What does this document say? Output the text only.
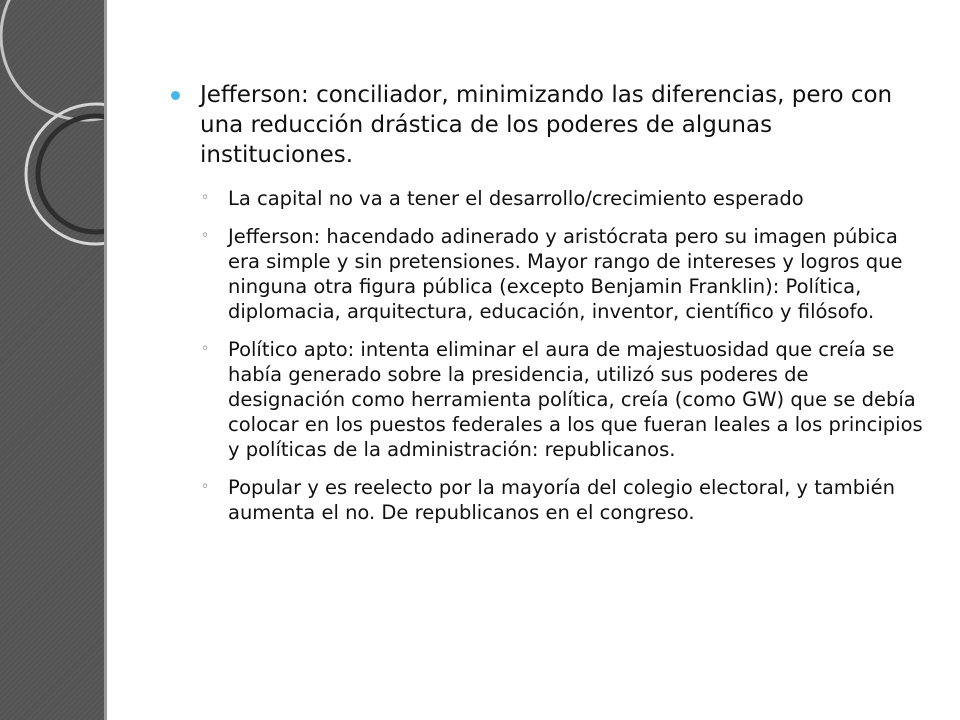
Jefferson: conciliador, minimizando las diferencias, pero con una reducción drástica de los poderes de algunas instituciones.
◦ La capital no va a tener el desarrollo/crecimiento esperado
◦ Jefferson: hacendado adinerado y aristócrata pero su imagen púbica era simple y sin pretensiones. Mayor rango de intereses y logros que ninguna otra figura pública (excepto Benjamin Franklin): Política, diplomacia, arquitectura, educación, inventor, científico y filósofo.
◦ Político apto: intenta eliminar el aura de majestuosidad que creía se había generado sobre la presidencia, utilizó sus poderes de designación como herramienta política, creía (como GW) que se debía colocar en los puestos federales a los que fueran leales a los principios y políticas de la administración: republicanos.
◦ Popular y es reelecto por la mayoría del colegio electoral, y también aumenta el no. De republicanos en el congreso.
